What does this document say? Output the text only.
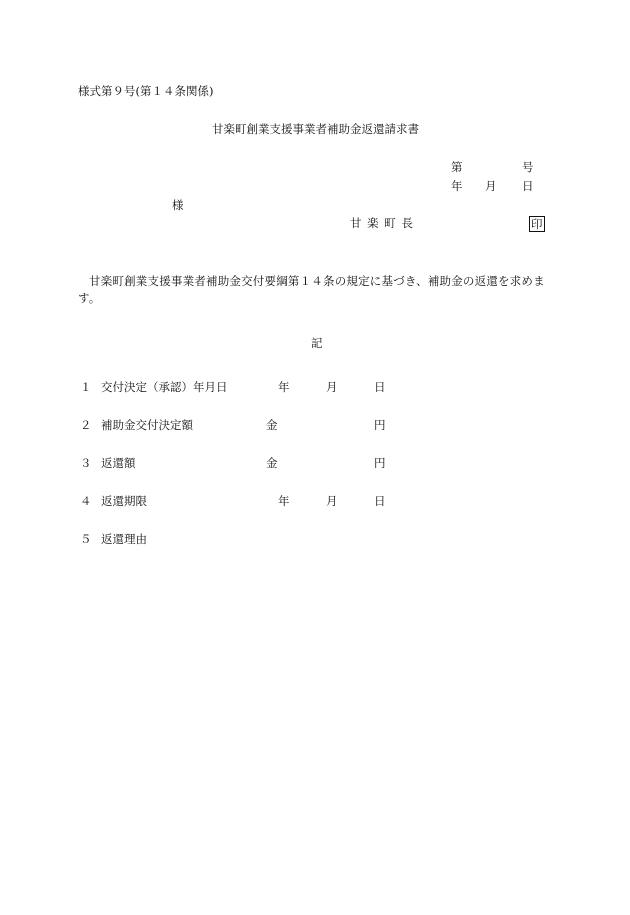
様式第９号(第１４条関係)
甘楽町創業支援事業者補助金返還請求書
第	号
年 月 日
様
甘 楽 町 長	印
甘楽町創業支援事業者補助金交付要綱第１４条の規定に基づき、補助金の返還を求めます。
記
１ 交付決定（承認）年月日	年	月	日
２ 補助金交付決定額	金	円
３ 返還額	金	円
４ 返還期限	年	月	日
５ 返還理由
